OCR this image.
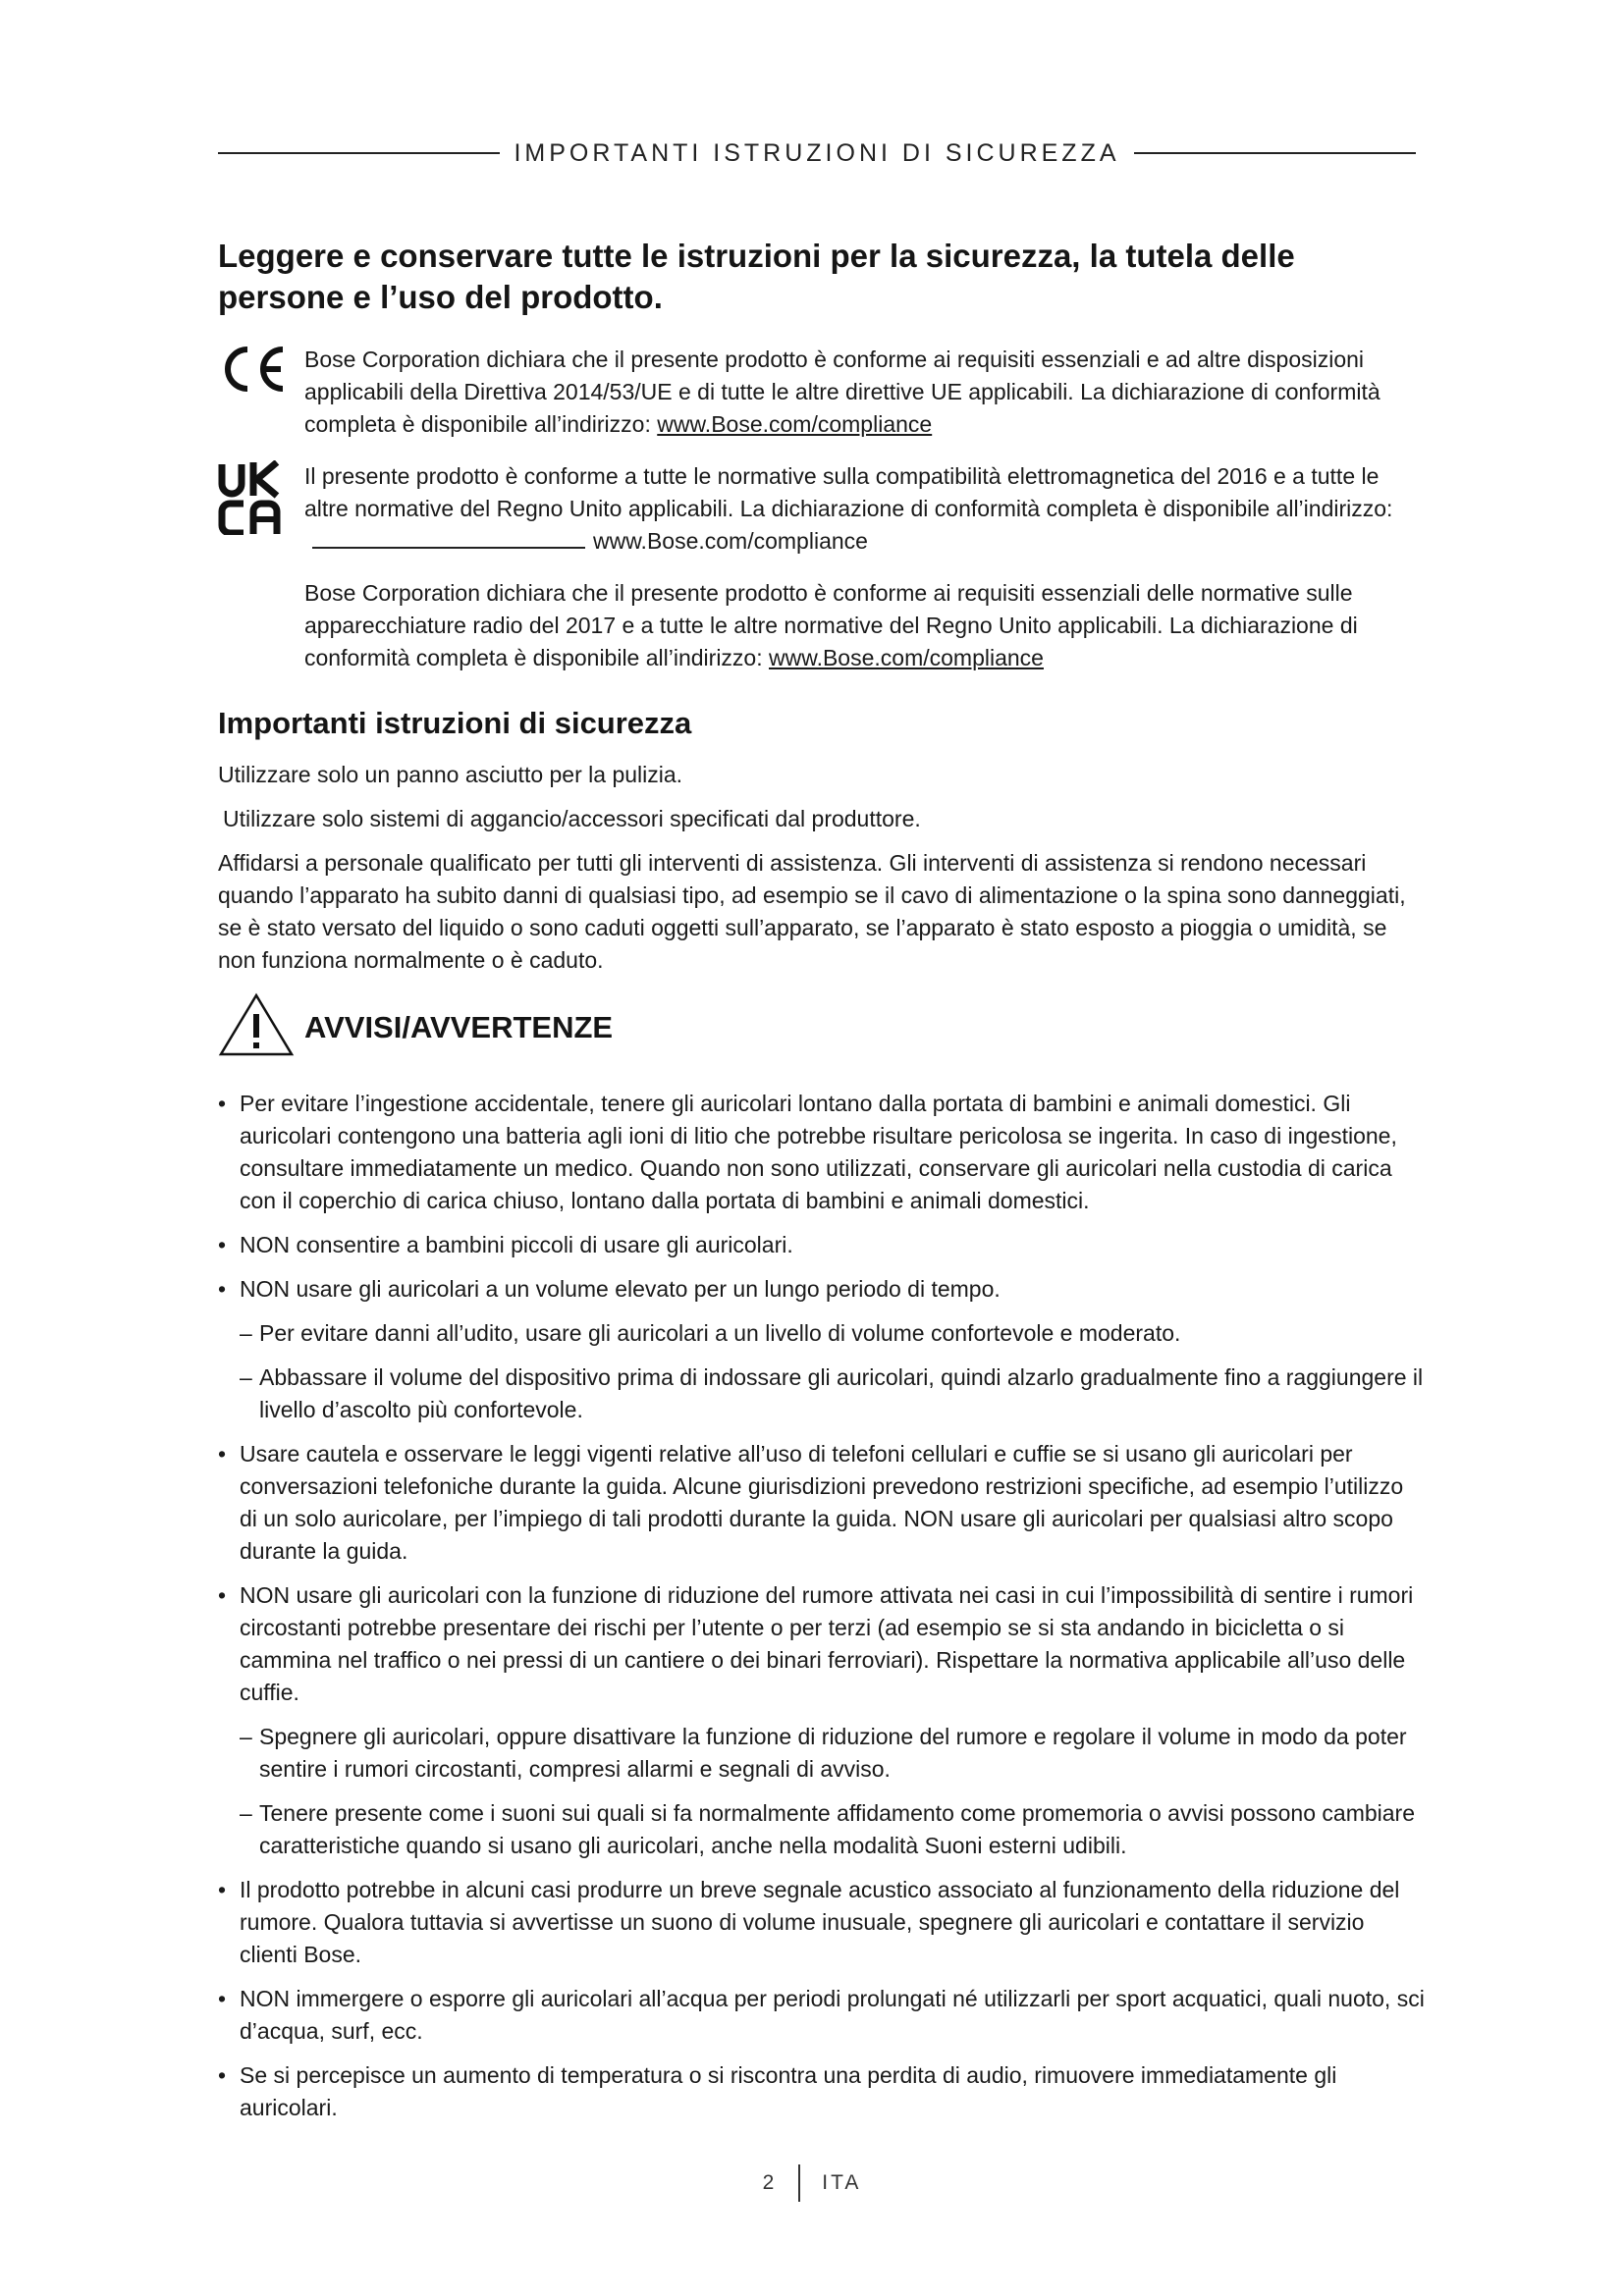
IMPORTANTI ISTRUZIONI DI SICUREZZA
Leggere e conservare tutte le istruzioni per la sicurezza, la tutela delle persone e l’uso del prodotto.
Bose Corporation dichiara che il presente prodotto è conforme ai requisiti essenziali e ad altre disposizioni applicabili della Direttiva 2014/53/UE e di tutte le altre direttive UE applicabili. La dichiarazione di conformità completa è disponibile all’indirizzo: www.Bose.com/compliance
Il presente prodotto è conforme a tutte le normative sulla compatibilità elettromagnetica del 2016 e a tutte le altre normative del Regno Unito applicabili. La dichiarazione di conformità completa è disponibile all’indirizzo:www.Bose.com/compliance
Bose Corporation dichiara che il presente prodotto è conforme ai requisiti essenziali delle normative sulle apparecchiature radio del 2017 e a tutte le altre normative del Regno Unito applicabili. La dichiarazione di conformità completa è disponibile all’indirizzo: www.Bose.com/compliance
Importanti istruzioni di sicurezza
Utilizzare solo un panno asciutto per la pulizia.
Utilizzare solo sistemi di aggancio/accessori specificati dal produttore.
Affidarsi a personale qualificato per tutti gli interventi di assistenza. Gli interventi di assistenza si rendono necessari quando l’apparato ha subito danni di qualsiasi tipo, ad esempio se il cavo di alimentazione o la spina sono danneggiati, se è stato versato del liquido o sono caduti oggetti sull’apparato, se l’apparato è stato esposto a pioggia o umidità, se non funziona normalmente o è caduto.
AVVISI/AVVERTENZE
• Per evitare l’ingestione accidentale, tenere gli auricolari lontano dalla portata di bambini e animali domestici. Gli auricolari contengono una batteria agli ioni di litio che potrebbe risultare pericolosa se ingerita. In caso di ingestione, consultare immediatamente un medico. Quando non sono utilizzati, conservare gli auricolari nella custodia di carica con il coperchio di carica chiuso, lontano dalla portata di bambini e animali domestici.
• NON consentire a bambini piccoli di usare gli auricolari.
• NON usare gli auricolari a un volume elevato per un lungo periodo di tempo.
– Per evitare danni all’udito, usare gli auricolari a un livello di volume confortevole e moderato.
– Abbassare il volume del dispositivo prima di indossare gli auricolari, quindi alzarlo gradualmente fino a raggiungere il livello d’ascolto più confortevole.
• Usare cautela e osservare le leggi vigenti relative all’uso di telefoni cellulari e cuffie se si usano gli auricolari per conversazioni telefoniche durante la guida. Alcune giurisdizioni prevedono restrizioni specifiche, ad esempio l’utilizzo di un solo auricolare, per l’impiego di tali prodotti durante la guida. NON usare gli auricolari per qualsiasi altro scopo durante la guida.
• NON usare gli auricolari con la funzione di riduzione del rumore attivata nei casi in cui l’impossibilità di sentire i rumori circostanti potrebbe presentare dei rischi per l’utente o per terzi (ad esempio se si sta andando in bicicletta o si cammina nel traffico o nei pressi di un cantiere o dei binari ferroviari). Rispettare la normativa applicabile all’uso delle cuffie.
– Spegnere gli auricolari, oppure disattivare la funzione di riduzione del rumore e regolare il volume in modo da poter sentire i rumori circostanti, compresi allarmi e segnali di avviso.
– Tenere presente come i suoni sui quali si fa normalmente affidamento come promemoria o avvisi possono cambiare caratteristiche quando si usano gli auricolari, anche nella modalità Suoni esterni udibili.
• Il prodotto potrebbe in alcuni casi produrre un breve segnale acustico associato al funzionamento della riduzione del rumore. Qualora tuttavia si avvertisse un suono di volume inusuale, spegnere gli auricolari e contattare il servizio clienti Bose.
• NON immergere o esporre gli auricolari all’acqua per periodi prolungati né utilizzarli per sport acquatici, quali nuoto, sci d’acqua, surf, ecc.
• Se si percepisce un aumento di temperatura o si riscontra una perdita di audio, rimuovere immediatamente gli auricolari.
2 ITA
